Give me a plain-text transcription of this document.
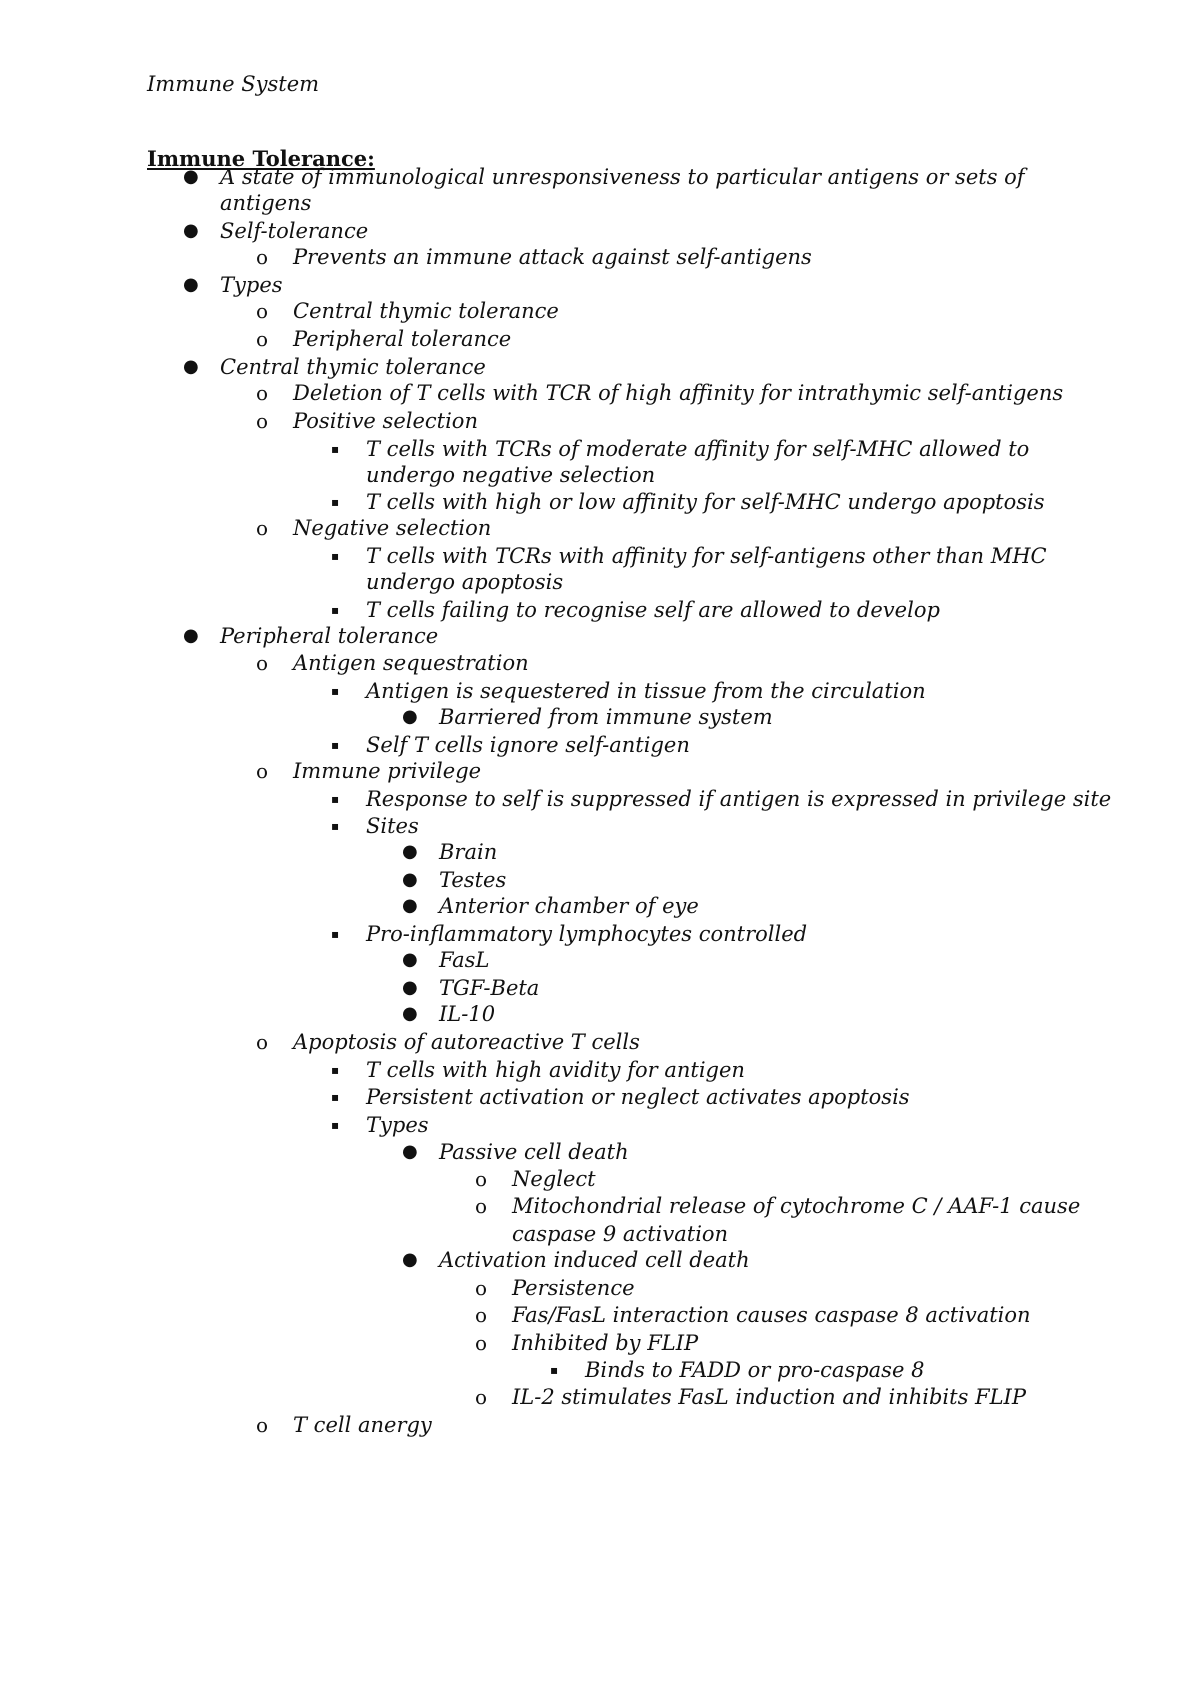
Immune System
Immune Tolerance:
A state of immunological unresponsiveness to particular antigens or sets of
●
antigens
Self-tolerance
●
Prevents an immune attack against self-antigens
o
Types
●
Central thymic tolerance
o
Peripheral tolerance
o
Central thymic tolerance
●
Deletion of T cells with TCR of high affinity for intrathymic self-antigens
o
Positive selection
o
T cells with TCRs of moderate affinity for self-MHC allowed to
▪
undergo negative selection
T cells with high or low affinity for self-MHC undergo apoptosis
▪
Negative selection
o
T cells with TCRs with affinity for self-antigens other than MHC
▪
undergo apoptosis
T cells failing to recognise self are allowed to develop
▪
Peripheral tolerance
●
Antigen sequestration
o
Antigen is sequestered in tissue from the circulation
▪
Barriered from immune system
●
Self T cells ignore self-antigen
▪
Immune privilege
o
Response to self is suppressed if antigen is expressed in privilege site
▪
Sites
▪
Brain
●
Testes
●
Anterior chamber of eye
●
Pro-inflammatory lymphocytes controlled
▪
FasL
●
TGF-Beta
●
IL-10
●
Apoptosis of autoreactive T cells
o
T cells with high avidity for antigen
▪
Persistent activation or neglect activates apoptosis
▪
Types
▪
Passive cell death
●
Neglect
o
Mitochondrial release of cytochrome C / AAF-1 cause
o
caspase 9 activation
Activation induced cell death
●
Persistence
o
Fas/FasL interaction causes caspase 8 activation
o
Inhibited by FLIP
o
Binds to FADD or pro-caspase 8
▪
IL-2 stimulates FasL induction and inhibits FLIP
o
T cell anergy
o
